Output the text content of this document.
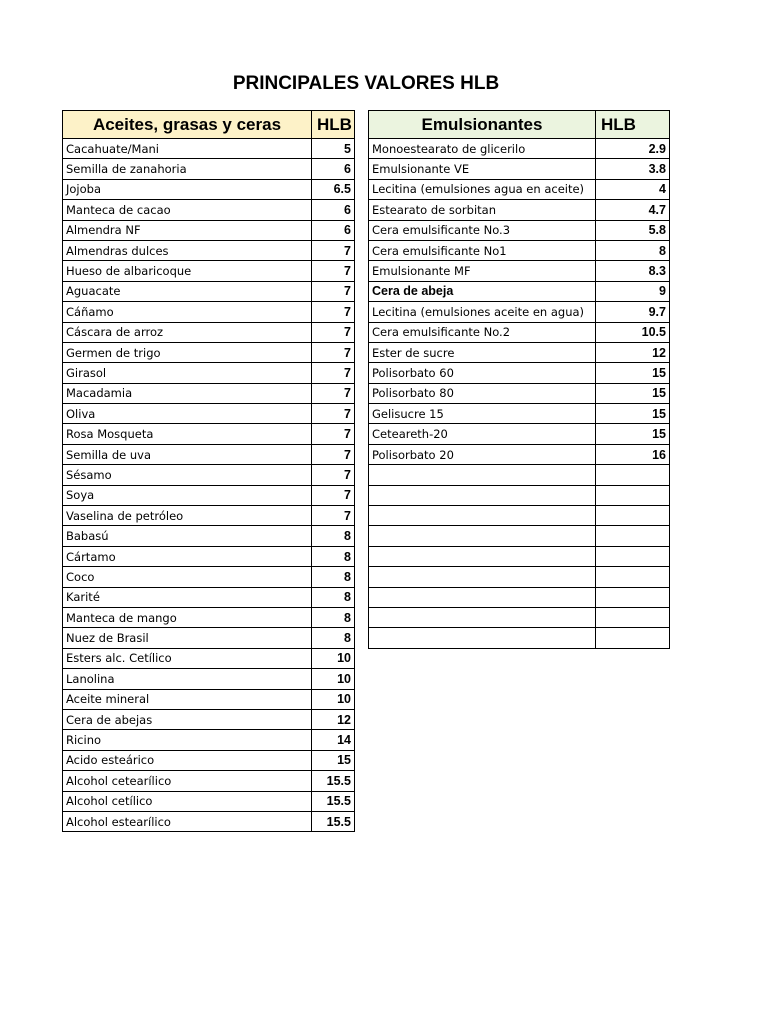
PRINCIPALES VALORES HLB
Aceites, grasas y ceras	HLB
Cacahuate/Mani	5
Semilla de zanahoria	6
Jojoba	6.5
Manteca de cacao	6
Almendra NF	6
Almendras dulces	7
Hueso de albaricoque	7
Aguacate	7
Cáñamo	7
Cáscara de arroz	7
Germen de trigo	7
Girasol	7
Macadamia	7
Oliva	7
Rosa Mosqueta	7
Semilla de uva	7
Sésamo	7
Soya	7
Vaselina de petróleo	7
Babasú	8
Cártamo	8
Coco	8
Karité	8
Manteca de mango	8
Nuez de Brasil	8
Esters alc. Cetílico	10
Lanolina	10
Aceite mineral	10
Cera de abejas	12
Ricino	14
Acido esteárico	15
Alcohol cetearílico	15.5
Alcohol cetílico	15.5
Alcohol estearílico	15.5
Emulsionantes	HLB
Monoestearato de glicerilo	2.9
Emulsionante VE	3.8
Lecitina (emulsiones agua en aceite)	4
Estearato de sorbitan	4.7
Cera emulsificante No.3	5.8
Cera emulsificante No1	8
Emulsionante MF	8.3
Cera de abeja	9
Lecitina (emulsiones aceite en agua)	9.7
Cera emulsificante No.2	10.5
Ester de sucre	12
Polisorbato 60	15
Polisorbato 80	15
Gelisucre 15	15
Ceteareth-20	15
Polisorbato 20	16
